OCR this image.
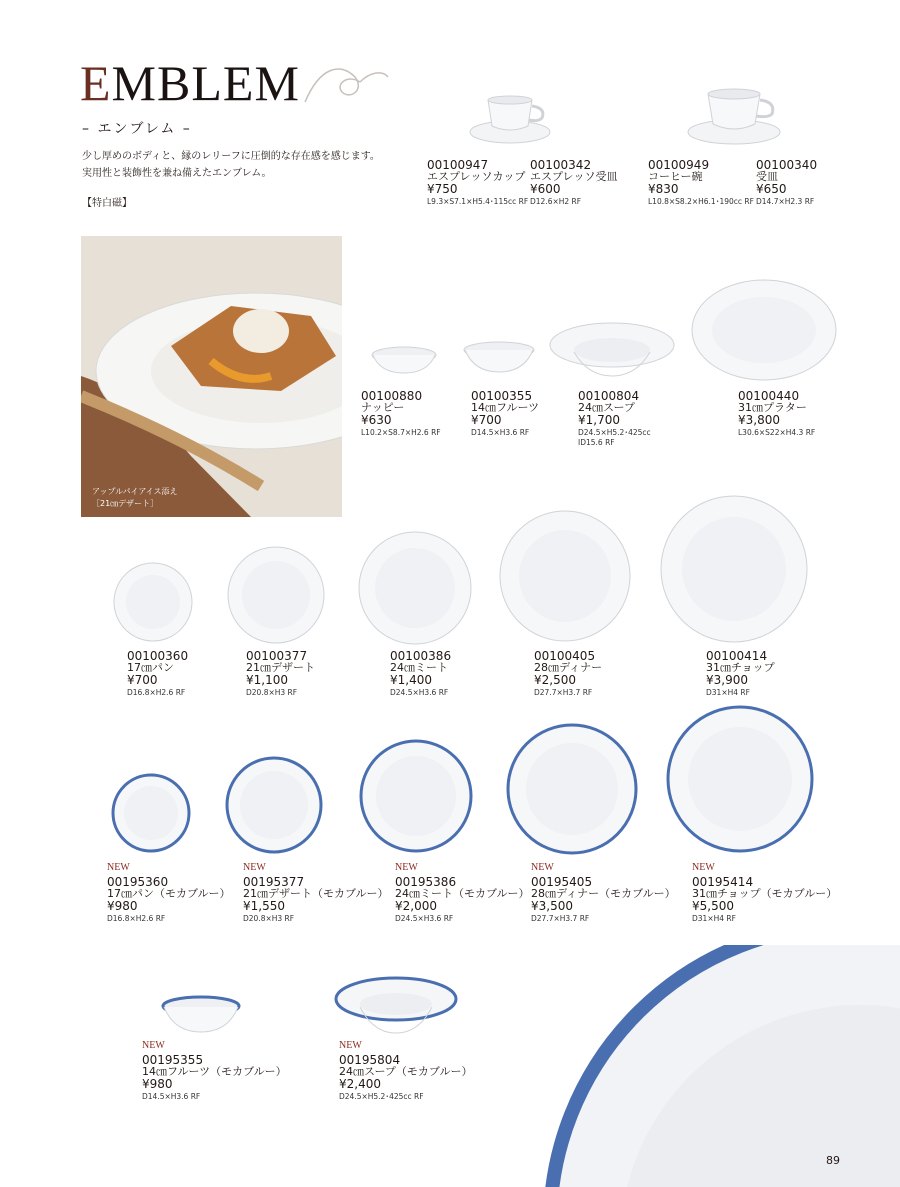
EMBLEM
– エンブレム –
少し厚めのボディと、縁のレリーフに圧倒的な存在感を感じます。
実用性と装飾性を兼ね備えたエンブレム。
【特白磁】
アップルパイアイス添え
［21㎝デザート］
00100947
エスプレッソカップ
¥750
L9.3×S7.1×H5.4･115cc RF
00100342
エスプレッソ受皿
¥600
D12.6×H2 RF
00100949
コーヒー碗
¥830
L10.8×S8.2×H6.1･190cc RF
00100340
受皿
¥650
D14.7×H2.3 RF
00100880
ナッピー
¥630
L10.2×S8.7×H2.6 RF
00100355
14㎝フルーツ
¥700
D14.5×H3.6 RF
00100804
24㎝スープ
¥1,700
D24.5×H5.2･425cc
ID15.6 RF
00100440
31㎝プラター
¥3,800
L30.6×S22×H4.3 RF
00100360
17㎝パン
¥700
D16.8×H2.6 RF
00100377
21㎝デザート
¥1,100
D20.8×H3 RF
00100386
24㎝ミート
¥1,400
D24.5×H3.6 RF
00100405
28㎝ディナー
¥2,500
D27.7×H3.7 RF
00100414
31㎝チョップ
¥3,900
D31×H4 RF
NEW
00195360
17㎝パン（モカブルー）
¥980
D16.8×H2.6 RF
NEW
00195377
21㎝デザート（モカブルー）
¥1,550
D20.8×H3 RF
NEW
00195386
24㎝ミート（モカブルー）
¥2,000
D24.5×H3.6 RF
NEW
00195405
28㎝ディナー（モカブルー）
¥3,500
D27.7×H3.7 RF
NEW
00195414
31㎝チョップ（モカブルー）
¥5,500
D31×H4 RF
NEW
00195355
14㎝フルーツ（モカブルー）
¥980
D14.5×H3.6 RF
NEW
00195804
24㎝スープ（モカブルー）
¥2,400
D24.5×H5.2･425cc RF
89
